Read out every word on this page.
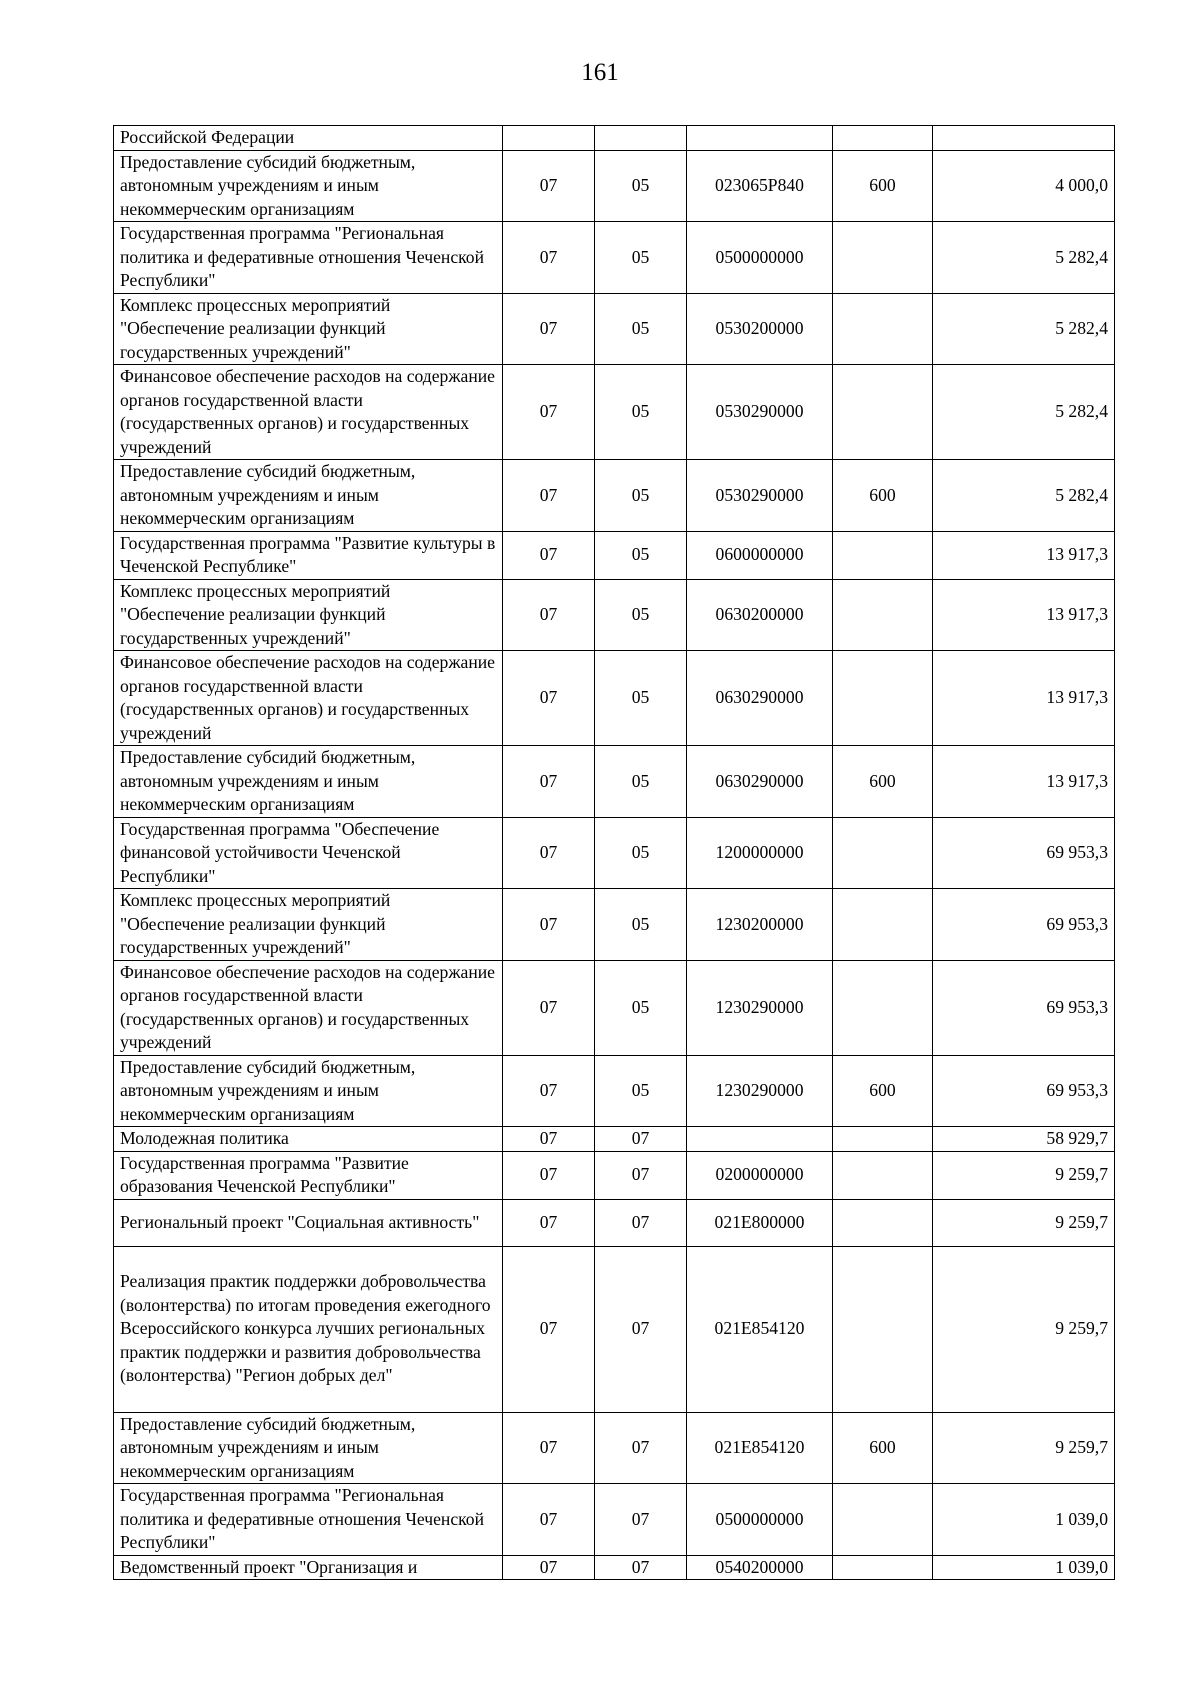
161
Российской Федерации					
Предоставление субсидий бюджетным, автономным учреждениям и иным некоммерческим организациям	07	05	023065Р840	600	4 000,0
Государственная программа "Региональная политика и федеративные отношения Чеченской Республики"	07	05	0500000000		5 282,4
Комплекс процессных мероприятий "Обеспечение реализации функций государственных учреждений"	07	05	0530200000		5 282,4
Финансовое обеспечение расходов на содержание органов государственной власти (государственных органов) и государственных учреждений	07	05	0530290000		5 282,4
Предоставление субсидий бюджетным, автономным учреждениям и иным некоммерческим организациям	07	05	0530290000	600	5 282,4
Государственная программа "Развитие культуры в Чеченской Республике"	07	05	0600000000		13 917,3
Комплекс процессных мероприятий "Обеспечение реализации функций государственных учреждений"	07	05	0630200000		13 917,3
Финансовое обеспечение расходов на содержание органов государственной власти (государственных органов) и государственных учреждений	07	05	0630290000		13 917,3
Предоставление субсидий бюджетным, автономным учреждениям и иным некоммерческим организациям	07	05	0630290000	600	13 917,3
Государственная программа "Обеспечение финансовой устойчивости Чеченской Республики"	07	05	1200000000		69 953,3
Комплекс процессных мероприятий "Обеспечение реализации функций государственных учреждений"	07	05	1230200000		69 953,3
Финансовое обеспечение расходов на содержание органов государственной власти (государственных органов) и государственных учреждений	07	05	1230290000		69 953,3
Предоставление субсидий бюджетным, автономным учреждениям и иным некоммерческим организациям	07	05	1230290000	600	69 953,3
Молодежная политика	07	07			58 929,7
Государственная программа "Развитие образования Чеченской Республики"	07	07	0200000000		9 259,7
Региональный проект "Социальная активность"	07	07	021Е800000		9 259,7
Реализация практик поддержки добровольчества (волонтерства) по итогам проведения ежегодного Всероссийского конкурса лучших региональных практик поддержки и развития добровольчества (волонтерства) "Регион добрых дел"	07	07	021Е854120		9 259,7
Предоставление субсидий бюджетным, автономным учреждениям и иным некоммерческим организациям	07	07	021Е854120	600	9 259,7
Государственная программа "Региональная политика и федеративные отношения Чеченской Республики"	07	07	0500000000		1 039,0
Ведомственный проект "Организация и	07	07	0540200000		1 039,0
